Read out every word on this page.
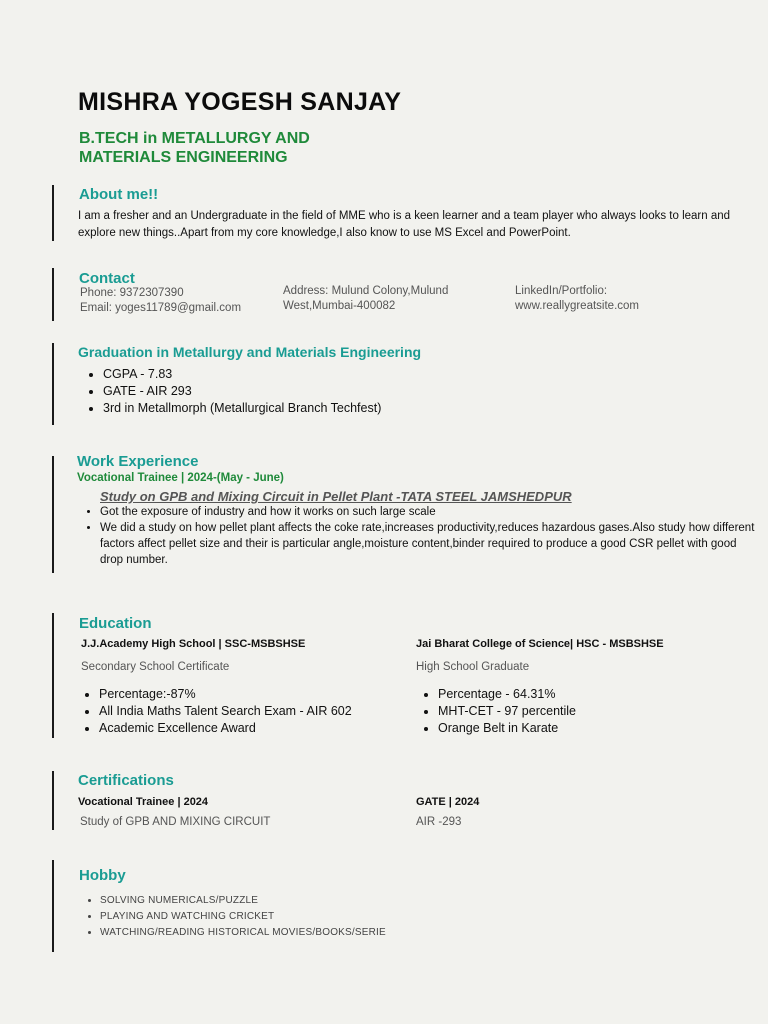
MISHRA YOGESH SANJAY
B.TECH in METALLURGY AND
MATERIALS ENGINEERING
About me!!
I am a fresher and an Undergraduate in the field of MME who is a keen learner and a team player who always looks to learn and explore new things..Apart from my core knowledge,I also know to use MS Excel and PowerPoint.
Contact
Phone: 9372307390
Email: yoges11789@gmail.com
Address: Mulund Colony,Mulund
West,Mumbai-400082
LinkedIn/Portfolio:
www.reallygreatsite.com
Graduation in Metallurgy and Materials Engineering
• CGPA - 7.83
• GATE - AIR 293
• 3rd in Metallmorph (Metallurgical Branch Techfest)
Work Experience
Vocational Trainee | 2024-(May - June)
Study on GPB and Mixing Circuit in Pellet Plant -TATA STEEL JAMSHEDPUR
• Got the exposure of industry and how it works on such large scale
• We did a study on how pellet plant affects the coke rate,increases productivity,reduces hazardous gases.Also study how different factors affect pellet size and their is particular angle,moisture content,binder required to produce a good CSR pellet with good drop number.
Education
J.J.Academy High School | SSC-MSBSHSE
Secondary School Certificate
• Percentage:-87%
• All India Maths Talent Search Exam - AIR 602
• Academic Excellence Award
Jai Bharat College of Science| HSC - MSBSHSE
High School Graduate
• Percentage - 64.31%
• MHT-CET - 97 percentile
• Orange Belt in Karate
Certifications
Vocational Trainee | 2024
Study of GPB AND MIXING CIRCUIT
GATE | 2024
AIR -293
Hobby
• SOLVING NUMERICALS/PUZZLE
• PLAYING AND WATCHING CRICKET
• WATCHING/READING HISTORICAL MOVIES/BOOKS/SERIE
